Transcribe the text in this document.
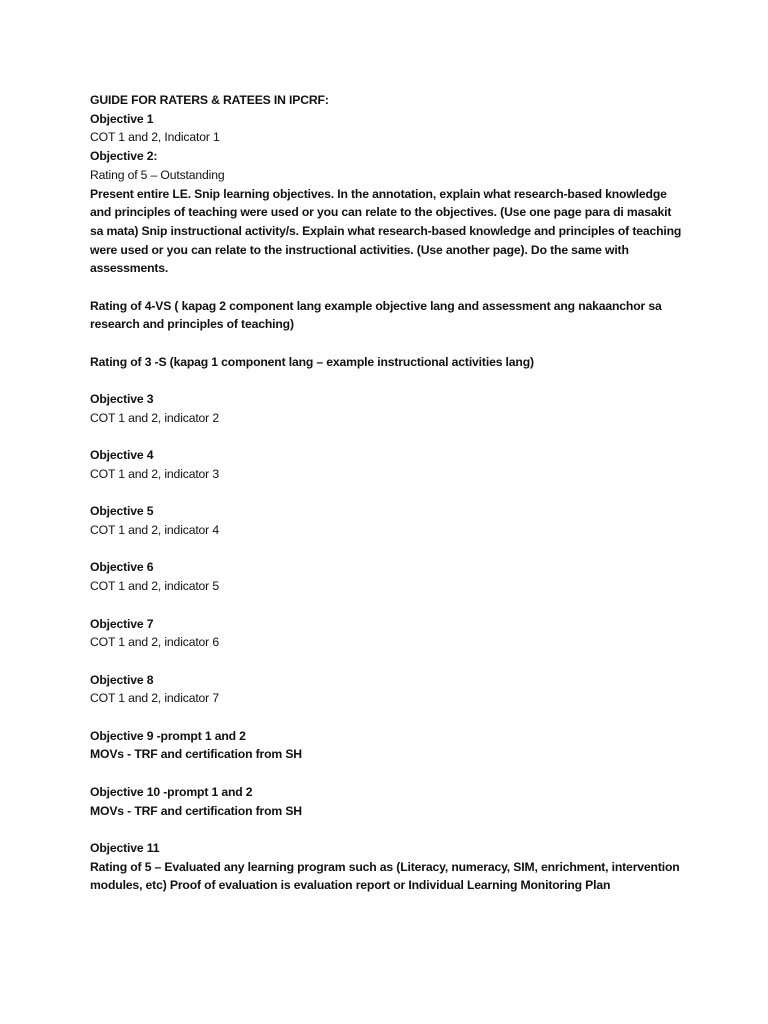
GUIDE FOR RATERS & RATEES IN IPCRF:
Objective 1
COT 1 and 2, Indicator 1
Objective 2:
Rating of 5 – Outstanding
Present entire LE. Snip learning objectives. In the annotation, explain what research-based knowledge
and principles of teaching were used or you can relate to the objectives. (Use one page para di masakit
sa mata) Snip instructional activity/s. Explain what research-based knowledge and principles of teaching
were used or you can relate to the instructional activities. (Use another page). Do the same with
assessments.
Rating of 4-VS ( kapag 2 component lang example objective lang and assessment ang nakaanchor sa
research and principles of teaching)
Rating of 3 -S (kapag 1 component lang – example instructional activities lang)
Objective 3
COT 1 and 2, indicator 2
Objective 4
COT 1 and 2, indicator 3
Objective 5
COT 1 and 2, indicator 4
Objective 6
COT 1 and 2, indicator 5
Objective 7
COT 1 and 2, indicator 6
Objective 8
COT 1 and 2, indicator 7
Objective 9 -prompt 1 and 2
MOVs - TRF and certification from SH
Objective 10 -prompt 1 and 2
MOVs - TRF and certification from SH
Objective 11
Rating of 5 – Evaluated any learning program such as (Literacy, numeracy, SIM, enrichment, intervention
modules, etc) Proof of evaluation is evaluation report or Individual Learning Monitoring Plan
